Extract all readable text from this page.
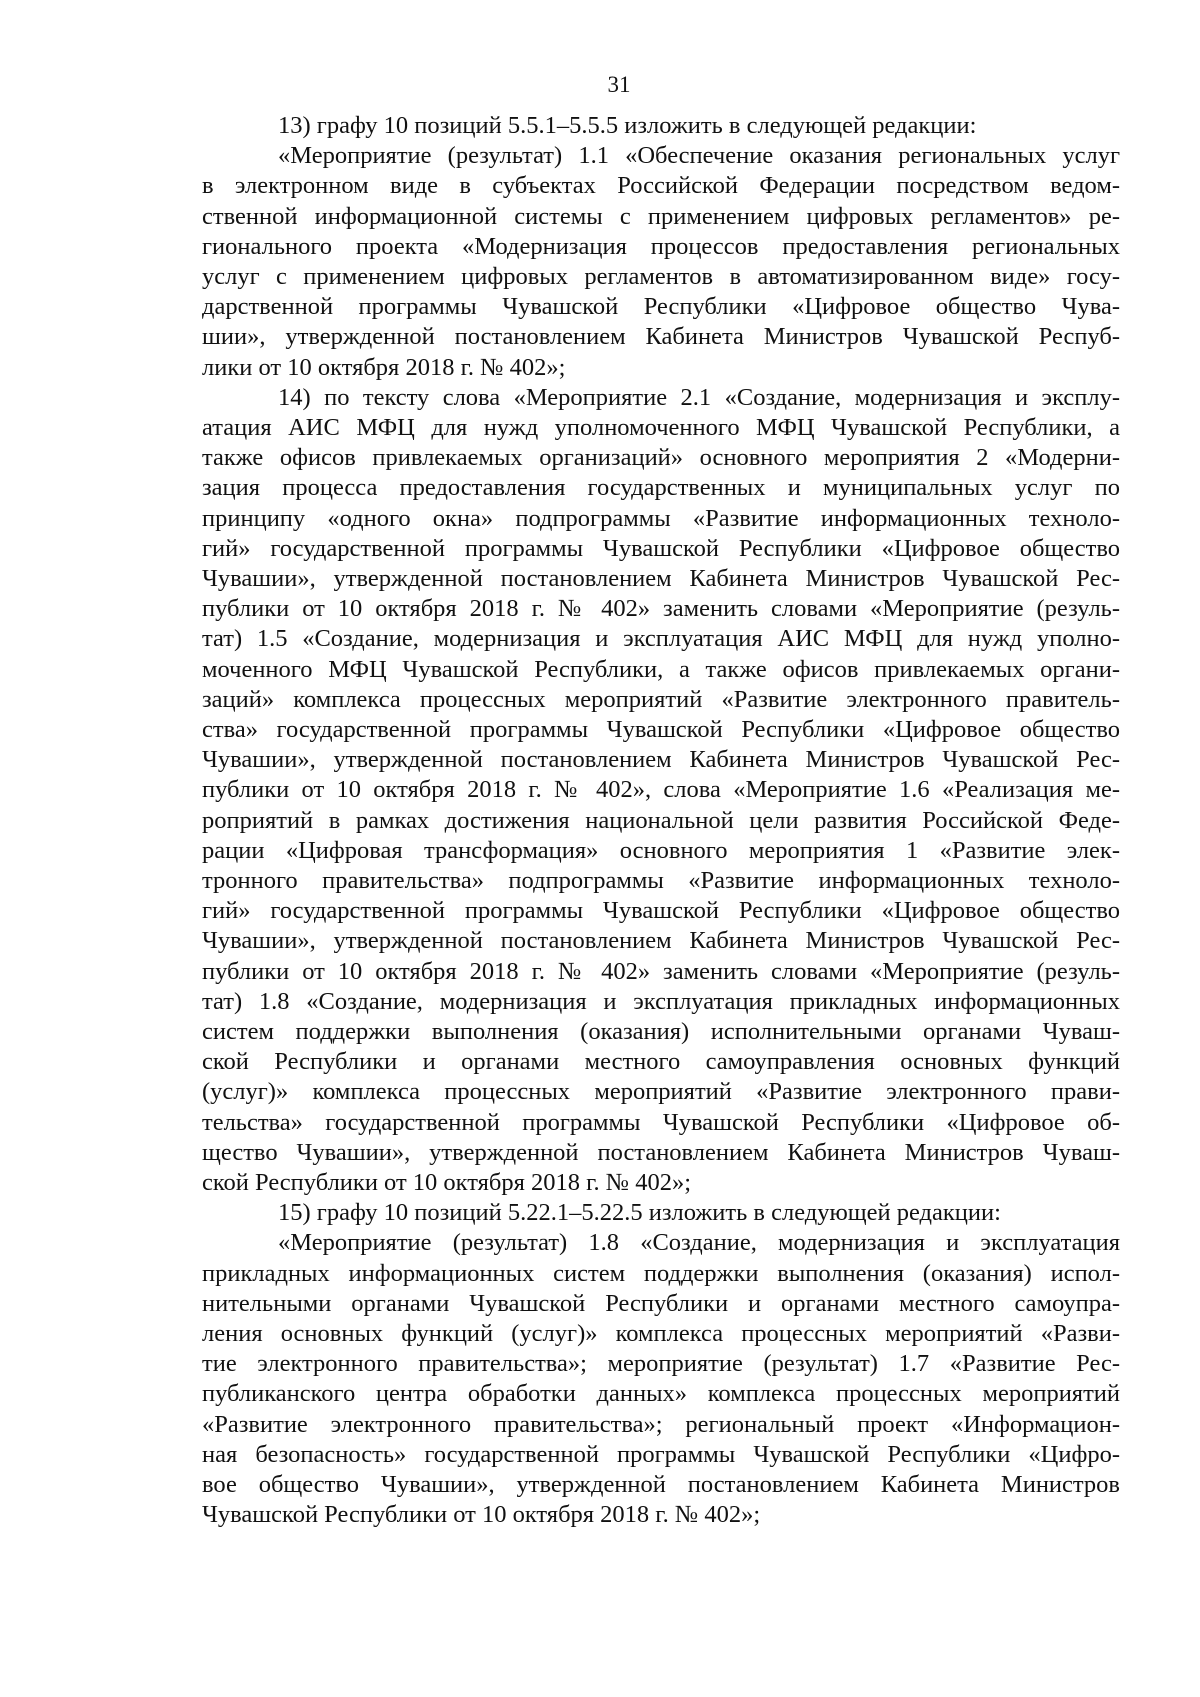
31
13) графу 10 позиций 5.5.1–5.5.5 изложить в следующей редакции:
«Мероприятие (результат) 1.1 «Обеспечение оказания региональных услуг
в электронном виде в субъектах Российской Федерации посредством ведом-
ственной информационной системы с применением цифровых регламентов» ре-
гионального проекта «Модернизация процессов предоставления региональных
услуг с применением цифровых регламентов в автоматизированном виде» госу-
дарственной программы Чувашской Республики «Цифровое общество Чува-
шии», утвержденной постановлением Кабинета Министров Чувашской Респуб-
лики от 10 октября 2018 г. № 402»;
14) по тексту слова «Мероприятие 2.1 «Создание, модернизация и эксплу-
атация АИС МФЦ для нужд уполномоченного МФЦ Чувашской Республики, а
также офисов привлекаемых организаций» основного мероприятия 2 «Модерни-
зация процесса предоставления государственных и муниципальных услуг по
принципу «одного окна» подпрограммы «Развитие информационных техноло-
гий» государственной программы Чувашской Республики «Цифровое общество
Чувашии», утвержденной постановлением Кабинета Министров Чувашской Рес-
публики от 10 октября 2018 г. № 402» заменить словами «Мероприятие (резуль-
тат) 1.5 «Создание, модернизация и эксплуатация АИС МФЦ для нужд уполно-
моченного МФЦ Чувашской Республики, а также офисов привлекаемых органи-
заций» комплекса процессных мероприятий «Развитие электронного правитель-
ства» государственной программы Чувашской Республики «Цифровое общество
Чувашии», утвержденной постановлением Кабинета Министров Чувашской Рес-
публики от 10 октября 2018 г. № 402», слова «Мероприятие 1.6 «Реализация ме-
роприятий в рамках достижения национальной цели развития Российской Феде-
рации «Цифровая трансформация» основного мероприятия 1 «Развитие элек-
тронного правительства» подпрограммы «Развитие информационных техноло-
гий» государственной программы Чувашской Республики «Цифровое общество
Чувашии», утвержденной постановлением Кабинета Министров Чувашской Рес-
публики от 10 октября 2018 г. № 402» заменить словами «Мероприятие (резуль-
тат) 1.8 «Создание, модернизация и эксплуатация прикладных информационных
систем поддержки выполнения (оказания) исполнительными органами Чуваш-
ской Республики и органами местного самоуправления основных функций
(услуг)» комплекса процессных мероприятий «Развитие электронного прави-
тельства» государственной программы Чувашской Республики «Цифровое об-
щество Чувашии», утвержденной постановлением Кабинета Министров Чуваш-
ской Республики от 10 октября 2018 г. № 402»;
15) графу 10 позиций 5.22.1–5.22.5 изложить в следующей редакции:
«Мероприятие (результат) 1.8 «Создание, модернизация и эксплуатация
прикладных информационных систем поддержки выполнения (оказания) испол-
нительными органами Чувашской Республики и органами местного самоупра-
ления основных функций (услуг)» комплекса процессных мероприятий «Разви-
тие электронного правительства»; мероприятие (результат) 1.7 «Развитие Рес-
публиканского центра обработки данных» комплекса процессных мероприятий
«Развитие электронного правительства»; региональный проект «Информацион-
ная безопасность» государственной программы Чувашской Республики «Цифро-
вое общество Чувашии», утвержденной постановлением Кабинета Министров
Чувашской Республики от 10 октября 2018 г. № 402»;
